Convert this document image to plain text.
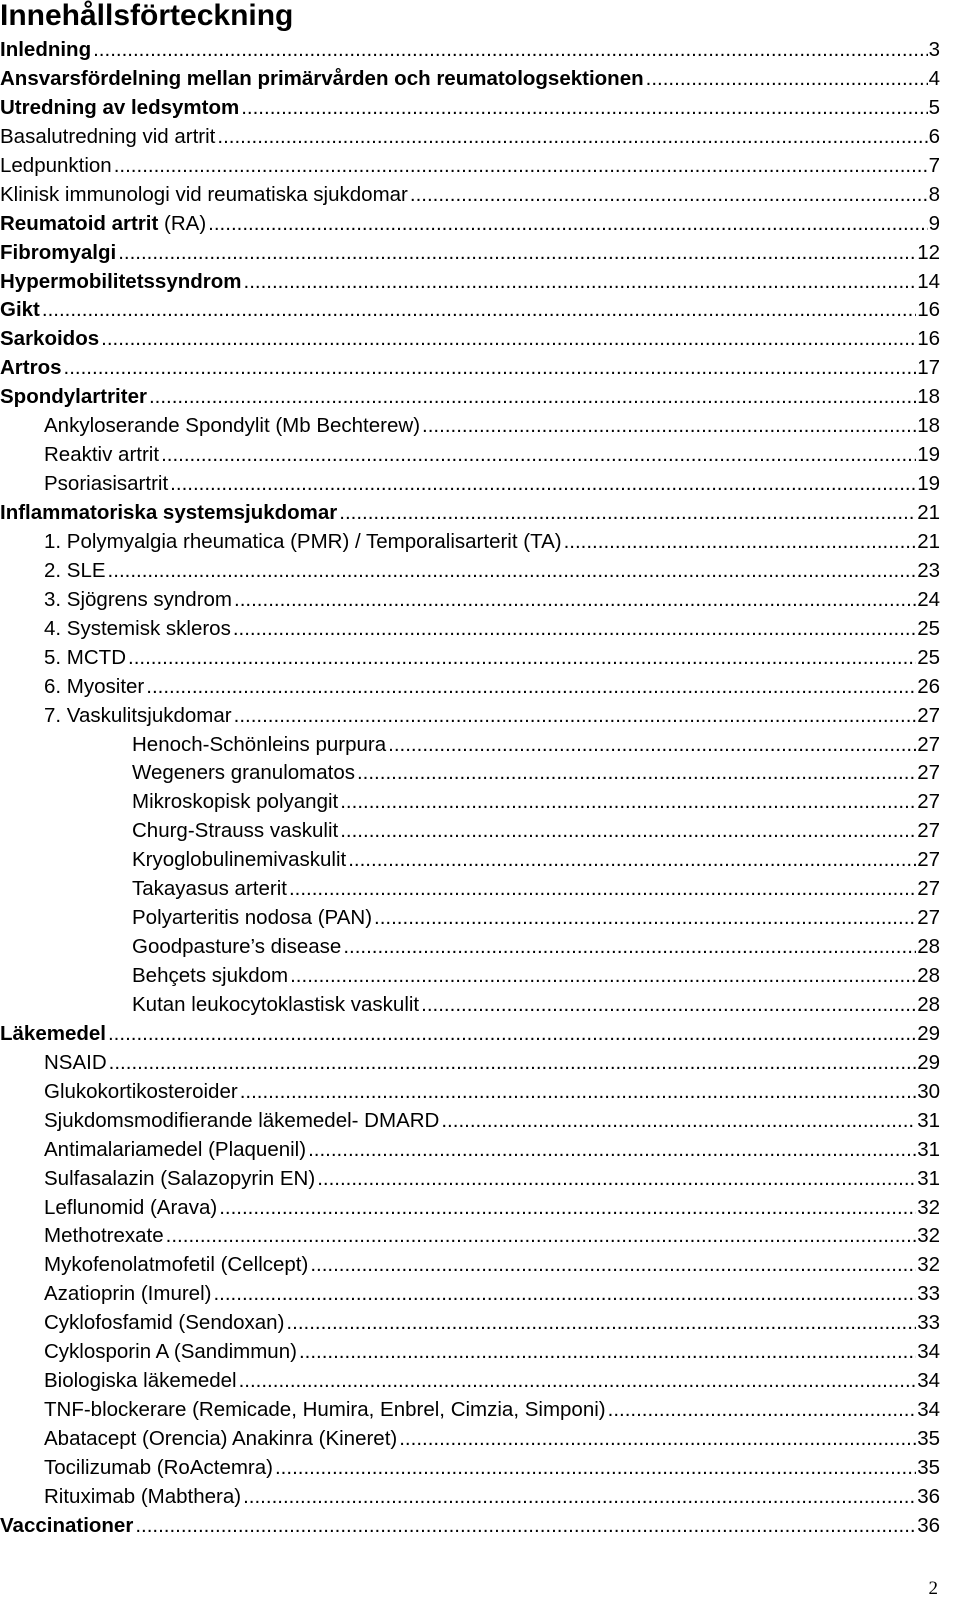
Innehållsförteckning
Inledning .....	3
Ansvarsfördelning mellan primärvården och reumatologsektionen .....	4
Utredning av ledsymtom .....	5
Basalutredning vid artrit .....	6
Ledpunktion .....	7
Klinisk immunologi vid reumatiska sjukdomar .....	8
Reumatoid artrit (RA) .....	9
Fibromyalgi .....	12
Hypermobilitetssyndrom .....	14
Gikt .....	16
Sarkoidos .....	16
Artros .....	17
Spondylartriter .....	18
Ankyloserande Spondylit (Mb Bechterew) .....	18
Reaktiv artrit .....	19
Psoriasisartrit .....	19
Inflammatoriska systemsjukdomar .....	21
1. Polymyalgia rheumatica (PMR) / Temporalisarterit (TA) .....	21
2. SLE .....	23
3. Sjögrens syndrom .....	24
4. Systemisk skleros .....	25
5. MCTD .....	25
6. Myositer .....	26
7. Vaskulitsjukdomar .....	27
Henoch-Schönleins purpura .....	27
Wegeners granulomatos .....	27
Mikroskopisk polyangit .....	27
Churg-Strauss vaskulit .....	27
Kryoglobulinemivaskulit .....	27
Takayasus arterit .....	27
Polyarteritis nodosa (PAN) .....	27
Goodpasture’s disease .....	28
Behçets sjukdom .....	28
Kutan leukocytoklastisk vaskulit .....	28
Läkemedel .....	29
NSAID .....	29
Glukokortikosteroider .....	30
Sjukdomsmodifierande läkemedel- DMARD .....	31
Antimalariamedel (Plaquenil) .....	31
Sulfasalazin (Salazopyrin EN) .....	31
Leflunomid (Arava) .....	32
Methotrexate .....	32
Mykofenolatmofetil (Cellcept) .....	32
Azatioprin (Imurel) .....	33
Cyklofosfamid (Sendoxan) .....	33
Cyklosporin A (Sandimmun) .....	34
Biologiska läkemedel .....	34
TNF-blockerare (Remicade, Humira, Enbrel, Cimzia, Simponi) .....	34
Abatacept (Orencia) Anakinra (Kineret) .....	35
Tocilizumab (RoActemra) .....	35
Rituximab (Mabthera) .....	36
Vaccinationer .....	36
2
